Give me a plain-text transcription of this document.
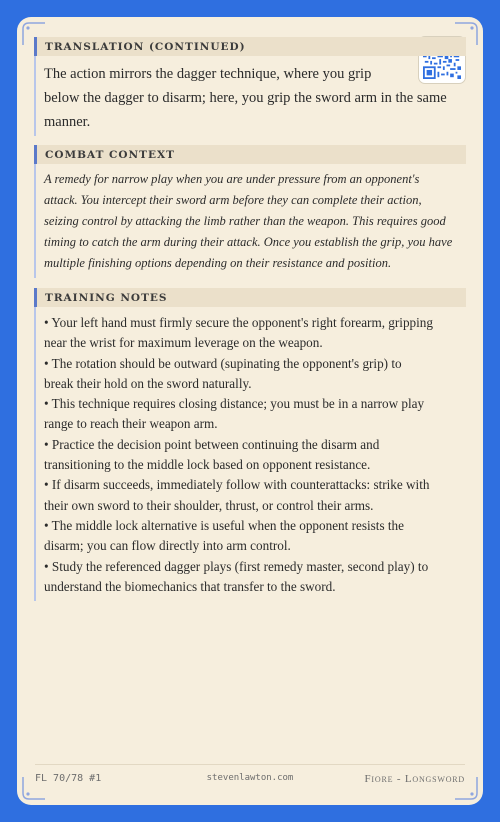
TRANSLATION (CONTINUED)
The action mirrors the dagger technique, where you grip
below the dagger to disarm; here, you grip the sword arm in the same
manner.
COMBAT CONTEXT
A remedy for narrow play when you are under pressure from an opponent's
attack. You intercept their sword arm before they can complete their action,
seizing control by attacking the limb rather than the weapon. This requires good
timing to catch the arm during their attack. Once you establish the grip, you have
multiple finishing options depending on their resistance and position.
TRAINING NOTES
• Your left hand must firmly secure the opponent's right forearm, gripping
near the wrist for maximum leverage on the weapon.
• The rotation should be outward (supinating the opponent's grip) to
break their hold on the sword naturally.
• This technique requires closing distance; you must be in a narrow play
range to reach their weapon arm.
• Practice the decision point between continuing the disarm and
transitioning to the middle lock based on opponent resistance.
• If disarm succeeds, immediately follow with counterattacks: strike with
their own sword to their shoulder, thrust, or control their arms.
• The middle lock alternative is useful when the opponent resists the
disarm; you can flow directly into arm control.
• Study the referenced dagger plays (first remedy master, second play) to
understand the biomechanics that transfer to the sword.
FL 70/78 #1	stevenlawton.com	Fiore - Longsword
